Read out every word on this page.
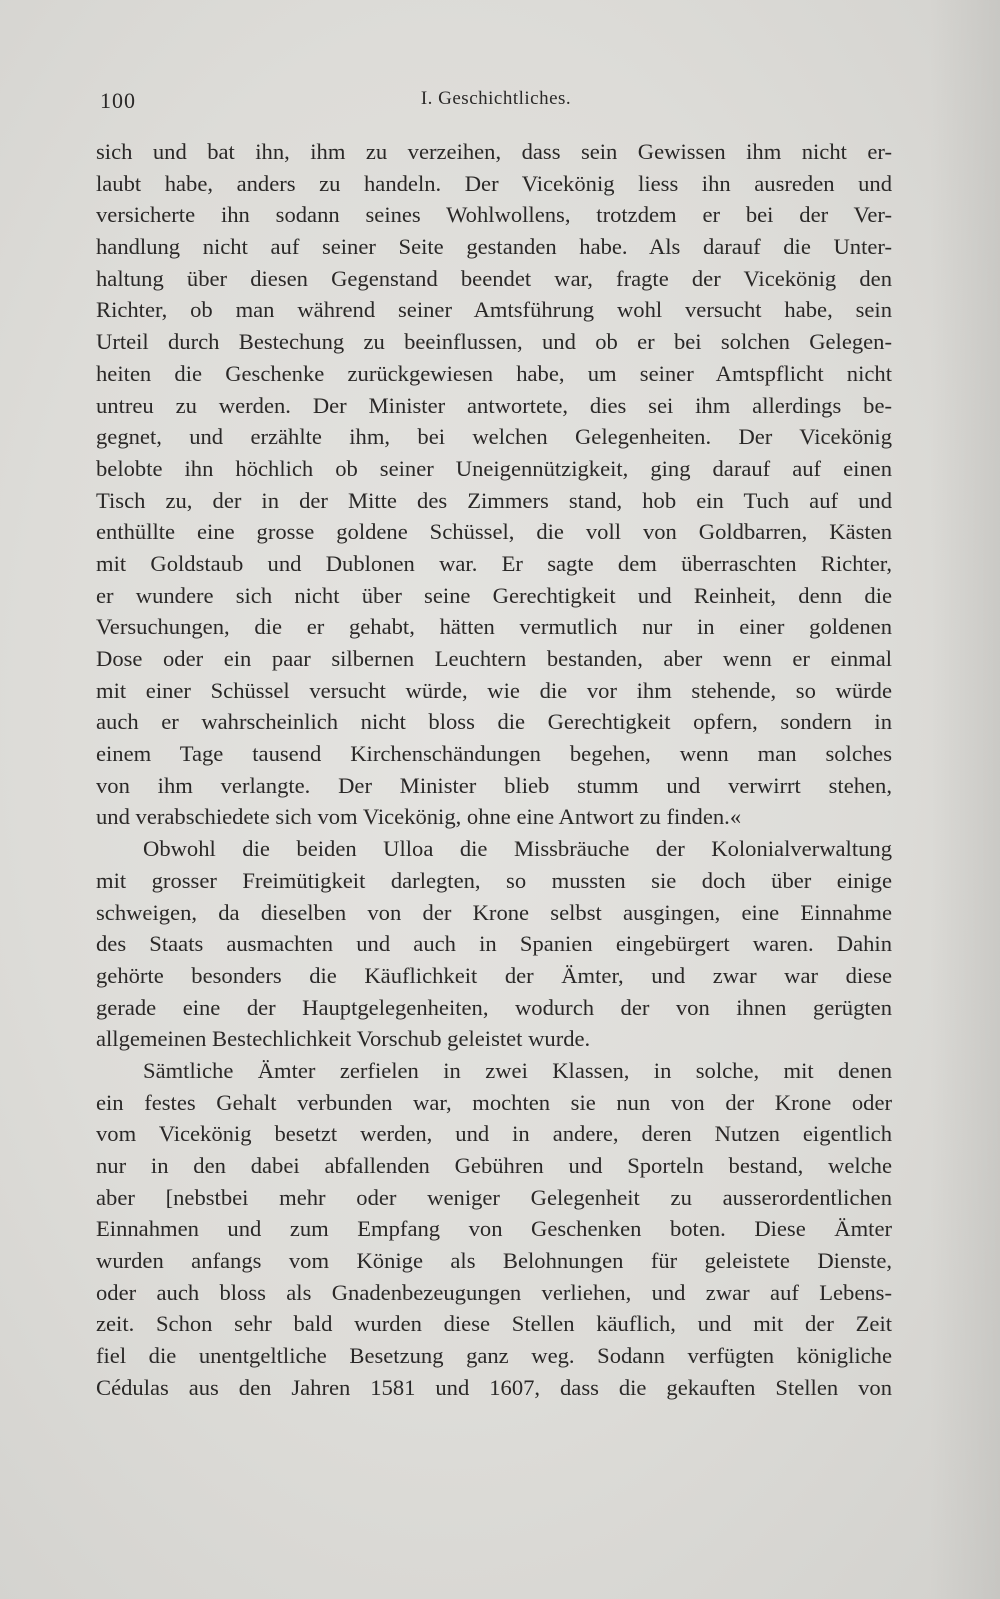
100	I. Geschichtliches.
sich und bat ihn, ihm zu verzeihen, dass sein Gewissen ihm nicht er-
laubt habe, anders zu handeln. Der Vicekönig liess ihn ausreden und
versicherte ihn sodann seines Wohlwollens, trotzdem er bei der Ver-
handlung nicht auf seiner Seite gestanden habe. Als darauf die Unter-
haltung über diesen Gegenstand beendet war, fragte der Vicekönig den
Richter, ob man während seiner Amtsführung wohl versucht habe, sein
Urteil durch Bestechung zu beeinflussen, und ob er bei solchen Gelegen-
heiten die Geschenke zurückgewiesen habe, um seiner Amtspflicht nicht
untreu zu werden. Der Minister antwortete, dies sei ihm allerdings be-
gegnet, und erzählte ihm, bei welchen Gelegenheiten. Der Vicekönig
belobte ihn höchlich ob seiner Uneigennützigkeit, ging darauf auf einen
Tisch zu, der in der Mitte des Zimmers stand, hob ein Tuch auf und
enthüllte eine grosse goldene Schüssel, die voll von Goldbarren, Kästen
mit Goldstaub und Dublonen war. Er sagte dem überraschten Richter,
er wundere sich nicht über seine Gerechtigkeit und Reinheit, denn die
Versuchungen, die er gehabt, hätten vermutlich nur in einer goldenen
Dose oder ein paar silbernen Leuchtern bestanden, aber wenn er einmal
mit einer Schüssel versucht würde, wie die vor ihm stehende, so würde
auch er wahrscheinlich nicht bloss die Gerechtigkeit opfern, sondern in
einem Tage tausend Kirchenschändungen begehen, wenn man solches
von ihm verlangte. Der Minister blieb stumm und verwirrt stehen,
und verabschiedete sich vom Vicekönig, ohne eine Antwort zu finden.«
Obwohl die beiden Ulloa die Missbräuche der Kolonialverwaltung
mit grosser Freimütigkeit darlegten, so mussten sie doch über einige
schweigen, da dieselben von der Krone selbst ausgingen, eine Einnahme
des Staats ausmachten und auch in Spanien eingebürgert waren. Dahin
gehörte besonders die Käuflichkeit der Ämter, und zwar war diese
gerade eine der Hauptgelegenheiten, wodurch der von ihnen gerügten
allgemeinen Bestechlichkeit Vorschub geleistet wurde.
Sämtliche Ämter zerfielen in zwei Klassen, in solche, mit denen
ein festes Gehalt verbunden war, mochten sie nun von der Krone oder
vom Vicekönig besetzt werden, und in andere, deren Nutzen eigentlich
nur in den dabei abfallenden Gebühren und Sporteln bestand, welche
aber [nebstbei mehr oder weniger Gelegenheit zu ausserordentlichen
Einnahmen und zum Empfang von Geschenken boten. Diese Ämter
wurden anfangs vom Könige als Belohnungen für geleistete Dienste,
oder auch bloss als Gnadenbezeugungen verliehen, und zwar auf Lebens-
zeit. Schon sehr bald wurden diese Stellen käuflich, und mit der Zeit
fiel die unentgeltliche Besetzung ganz weg. Sodann verfügten königliche
Cédulas aus den Jahren 1581 und 1607, dass die gekauften Stellen von
